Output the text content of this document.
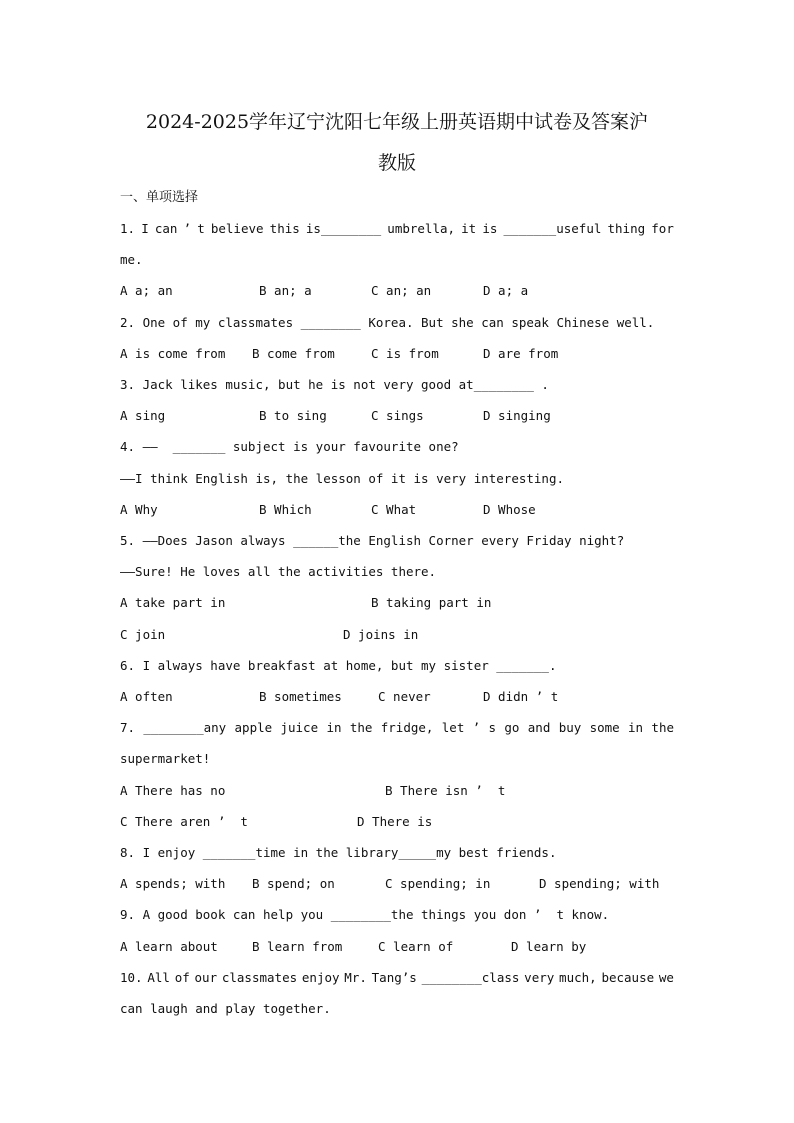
2024-2025学年辽宁沈阳七年级上册英语期中试卷及答案沪
教版
一、单项选择
1. I can ’ t believe this is________ umbrella, it is _______useful thing for
me.
A a; an	B an; a	C an; an	D a; a
2. One of my classmates ________ Korea. But she can speak Chinese well.
A is come from B come from	C is from	D are from
3. Jack likes music, but he is not very good at________ .
A sing	B to sing	C sings	D singing
4. ——  _______ subject is your favourite one?
——I think English is, the lesson of it is very interesting.
A Why	B Which	C What	D Whose
5. ——Does Jason always ______the English Corner every Friday night?
——Sure! He loves all the activities there.
A take part in	B taking part in
C join	D joins in
6. I always have breakfast at home, but my sister _______.
A often	B sometimes	C never	D didn ’ t
7. ________any apple juice in the fridge, let ’ s go and buy some in the
supermarket!
A There has no	B There isn ’  t
C There aren ’  t	D There is
8. I enjoy _______time in the library_____my best friends.
A spends; with B spend; on	C spending; in	D spending; with
9. A good book can help you ________the things you don ’  t know.
A learn about	B learn from	C learn of	D learn by
10. All of our classmates enjoy Mr. Tang’s ________class very much, because we
can laugh and play together.
